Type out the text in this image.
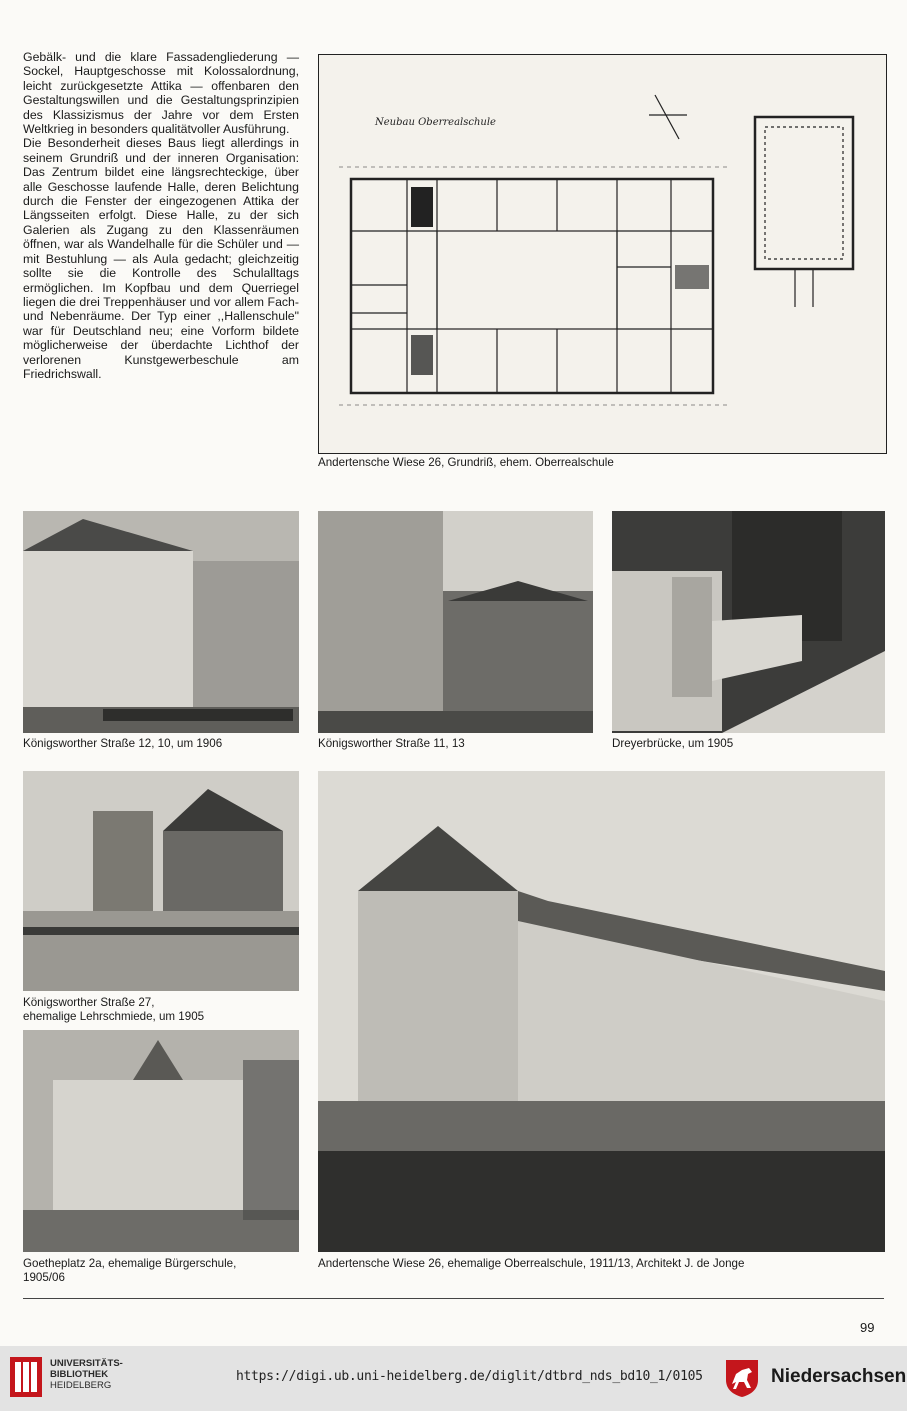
Gebälk- und die klare Fassadengliederung — Sockel, Hauptgeschosse mit Kolossalordnung, leicht zurückgesetzte Attika — offenbaren den Gestaltungswillen und die Gestaltungsprinzipien des Klassizismus der Jahre vor dem Ersten Weltkrieg in besonders qualitätvoller Ausführung.

Die Besonderheit dieses Baus liegt allerdings in seinem Grundriß und der inneren Organisation: Das Zentrum bildet eine längsrechteckige, über alle Geschosse laufende Halle, deren Belichtung durch die Fenster der eingezogenen Attika der Längsseiten erfolgt. Diese Halle, zu der sich Galerien als Zugang zu den Klassenräumen öffnen, war als Wandelhalle für die Schüler und — mit Bestuhlung — als Aula gedacht; gleichzeitig sollte sie die Kontrolle des Schulalltags ermöglichen. Im Kopfbau und dem Querriegel liegen die drei Treppenhäuser und vor allem Fach- und Nebenräume. Der Typ einer ,,Hallenschule" war für Deutschland neu; eine Vorform bildete möglicherweise der überdachte Lichthof der verlorenen Kunstgewerbeschule am Friedrichswall.

Neubau Oberrealschule
Andertensche Wiese 26, Grundriß, ehem. Oberrealschule
Königsworther Straße 12, 10, um 1906	Königsworther Straße 11, 13	Dreyerbrücke, um 1905
Königsworther Straße 27,
ehemalige Lehrschmiede, um 1905
Goetheplatz 2a, ehemalige Bürgerschule,
1905/06
Andertensche Wiese 26, ehemalige Oberrealschule, 1911/13, Architekt J. de Jonge
99
UNIVERSITÄTS-
BIBLIOTHEK
HEIDELBERG
https://digi.ub.uni-heidelberg.de/diglit/dtbrd_nds_bd10_1/0105	Niedersachsen
